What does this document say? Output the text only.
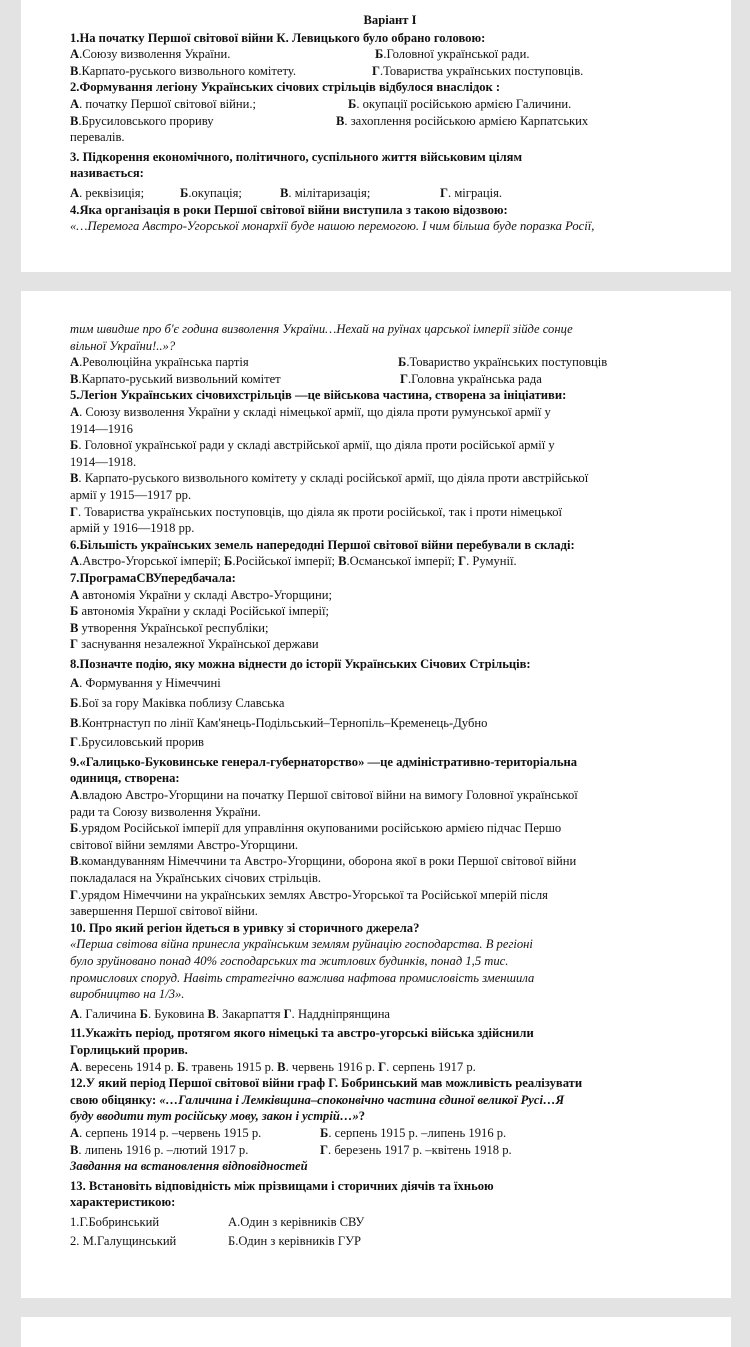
Варіант І
1.На початку Першої світової війни К. Левицького було обрано головою:
А.Союзу визволення України.	Б.Головної української ради.
В.Карпато-руського визвольного комітету.	Г.Товариства українських поступовців.
2.Формування легіону Українських січових стрільців відбулося внаслідок :
А. початку Першої світової війни.;	Б. окупації російською армією Галичини.
В.Брусиловського прориву	В. захоплення російською армією Карпатських
перевалів.
3. Підкорення економічного, політичного, суспільного життя військовим цілям
називається:
А. реквізиція;	Б.окупація;	В. мілітаризація;	Г. міграція.
4.Яка організація в роки Першої світової війни виступила з такою відозвою:
«…Перемога Австро-Угорської монархії буде нашою перемогою. І чим більша буде поразка Росії,
тим швидше про б'є година визволення України…Нехай на руїнах царської імперії зійде сонце
вільної України!..»?
А.Революційна українська партія	Б.Товариство українських поступовців
В.Карпато-руський визвольний комітет	Г.Головна українська рада
5.Легіон Українських січовихстрільців —це військова частина, створена за ініціативи:
А. Союзу визволення України у складі німецької армії, що діяла проти румунської армії у
1914—1916
Б. Головної української ради у складі австрійської армії, що діяла проти російської армії у
1914—1918.
В. Карпато-руського визвольного комітету у складі російської армії, що діяла проти австрійської
армії у 1915—1917 рр.
Г. Товариства українських поступовців, що діяла як проти російської, так і проти німецької
армій у 1916—1918 рр.
6.Більшість українських земель напередодні Першої світової війни перебували в складі:
А.Австро-Угорської імперії; Б.Російської імперії; В.Османської імперії; Г. Румунії.
7.ПрограмаСВУпередбачала:
А автономія України у складі Австро-Угорщини;
Б автономія України у складі Російської імперії;
В утворення Української республіки;
Г заснування незалежної Української держави
8.Позначте подію, яку можна віднести до історії Українських Січових Стрільців:
А. Формування у Німеччині
Б.Бої за гору Маківка поблизу Славська
В.Контрнаступ по лінії Кам'янець-Подільський–Тернопіль–Кременець-Дубно
Г.Брусиловський прорив
9.«Галицько-Буковинське генерал-губернаторство» —це адміністративно-територіальна
одиниця, створена:
А.владою Австро-Угорщини на початку Першої світової війни на вимогу Головної української
ради та Союзу визволення України.
Б.урядом Російської імперії для управління окупованими російською армією підчас Першо
світової війни землями Австро-Угорщини.
В.командуванням Німеччини та Австро-Угорщини, оборона якої в роки Першої світової війни
покладалася на Українських січових стрільців.
Г.урядом Німеччини на українських землях Австро-Угорської та Російської мперій після
завершення Першої світової війни.
10. Про який регіон йдеться в уривку зі сторичного джерела?
«Перша світова війна принесла українським землям руйнацію господарства. В регіоні
було зруйновано понад 40% господарських та житлових будинків, понад 1,5 тис.
промислових споруд. Навіть стратегічно важлива нафтова промисловість зменшила
виробництво на 1/3».
А. Галичина Б. Буковина В. Закарпаття Г. Наддніпрянщина
11.Укажіть період, протягом якого німецькі та австро-угорські війська здійснили
Горлицький прорив.
А. вересень 1914 р. Б. травень 1915 р. В. червень 1916 р. Г. серпень 1917 р.
12.У який період Першої світової війни граф Г. Бобринський мав можливість реалізувати
свою обіцянку: «…Галичина і Лемківщина–споконвічно частина єдиної великої Русі…Я
буду вводити тут російську мову, закон і устрій…»?
А. серпень 1914 р. –червень 1915 р.	Б. серпень 1915 р. –липень 1916 р.
В. липень 1916 р. –лютий 1917 р.	Г. березень 1917 р. –квітень 1918 р.
Завдання на встановлення відповідностей
13. Встановіть відповідність між прізвищами і сторичних діячів та їхньою
характеристикою:
1.Г.Бобринський	А.Один з керівників СВУ
2. М.Галущинський	Б.Один з керівників ГУР
